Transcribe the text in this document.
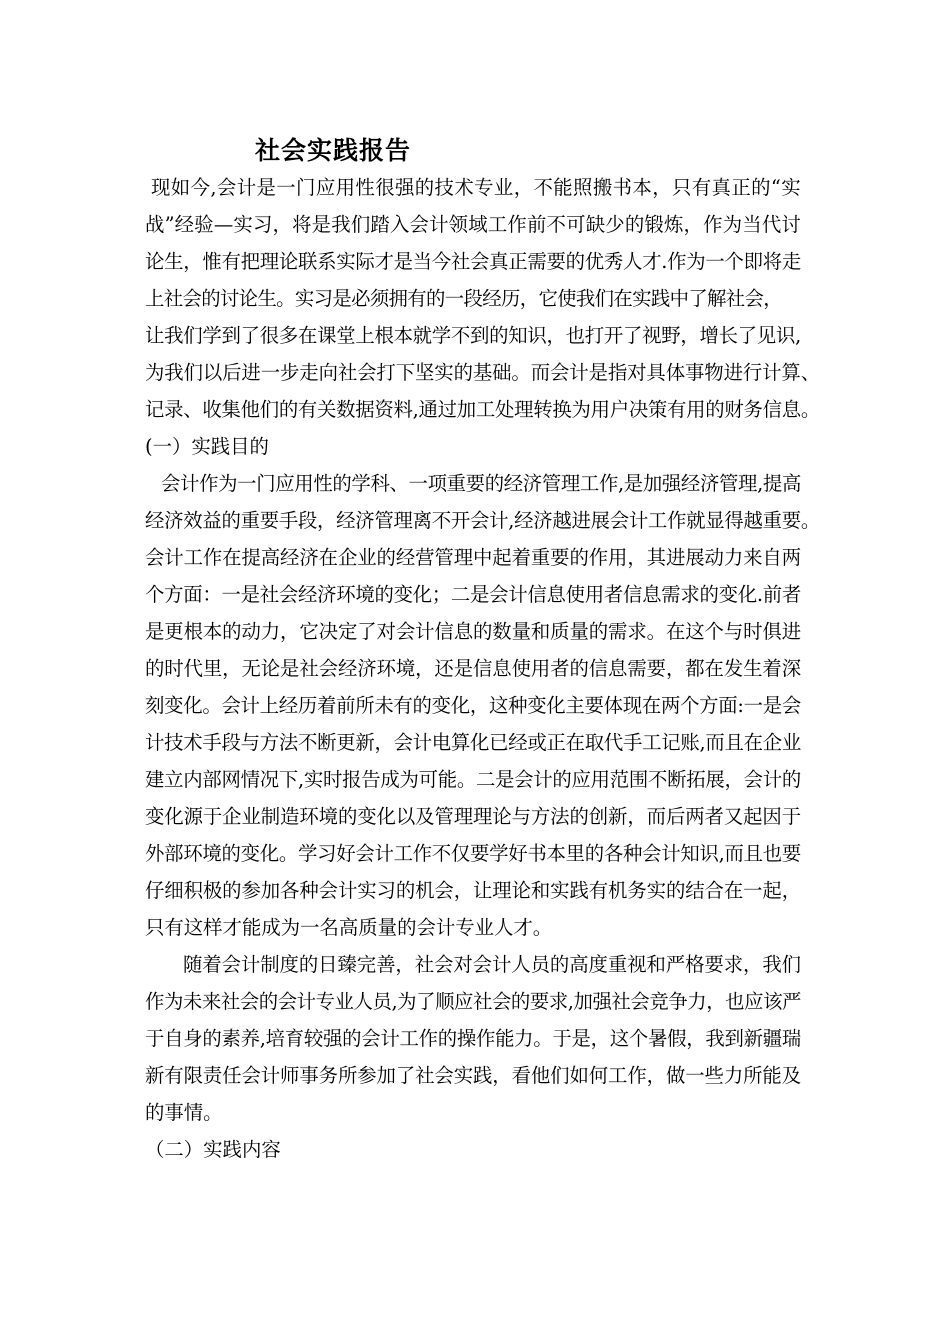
社会实践报告
现如今,会计是一门应用性很强的技术专业，不能照搬书本，只有真正的“实
战”经验—实习，将是我们踏入会计领域工作前不可缺少的锻炼，作为当代讨
论生，惟有把理论联系实际才是当今社会真正需要的优秀人才.作为一个即将走
上社会的讨论生。实习是必须拥有的一段经历，它使我们在实践中了解社会，
让我们学到了很多在课堂上根本就学不到的知识，也打开了视野，增长了见识,
为我们以后进一步走向社会打下坚实的基础。而会计是指对具体事物进行计算、
记录、收集他们的有关数据资料,通过加工处理转换为用户决策有用的财务信息。
(一）实践目的
会计作为一门应用性的学科、一项重要的经济管理工作,是加强经济管理,提高
经济效益的重要手段，经济管理离不开会计,经济越进展会计工作就显得越重要。
会计工作在提高经济在企业的经营管理中起着重要的作用，其进展动力来自两
个方面：一是社会经济环境的变化；二是会计信息使用者信息需求的变化.前者
是更根本的动力，它决定了对会计信息的数量和质量的需求。在这个与时俱进
的时代里，无论是社会经济环境，还是信息使用者的信息需要，都在发生着深
刻变化。会计上经历着前所未有的变化，这种变化主要体现在两个方面:一是会
计技术手段与方法不断更新，会计电算化已经或正在取代手工记账,而且在企业
建立内部网情况下,实时报告成为可能。二是会计的应用范围不断拓展，会计的
变化源于企业制造环境的变化以及管理理论与方法的创新，而后两者又起因于
外部环境的变化。学习好会计工作不仅要学好书本里的各种会计知识,而且也要
仔细积极的参加各种会计实习的机会，让理论和实践有机务实的结合在一起，
只有这样才能成为一名高质量的会计专业人才。
随着会计制度的日臻完善，社会对会计人员的高度重视和严格要求，我们
作为未来社会的会计专业人员,为了顺应社会的要求,加强社会竞争力，也应该严
于自身的素养,培育较强的会计工作的操作能力。于是，这个暑假，我到新疆瑞
新有限责任会计师事务所参加了社会实践，看他们如何工作，做一些力所能及
的事情。
（二）实践内容
